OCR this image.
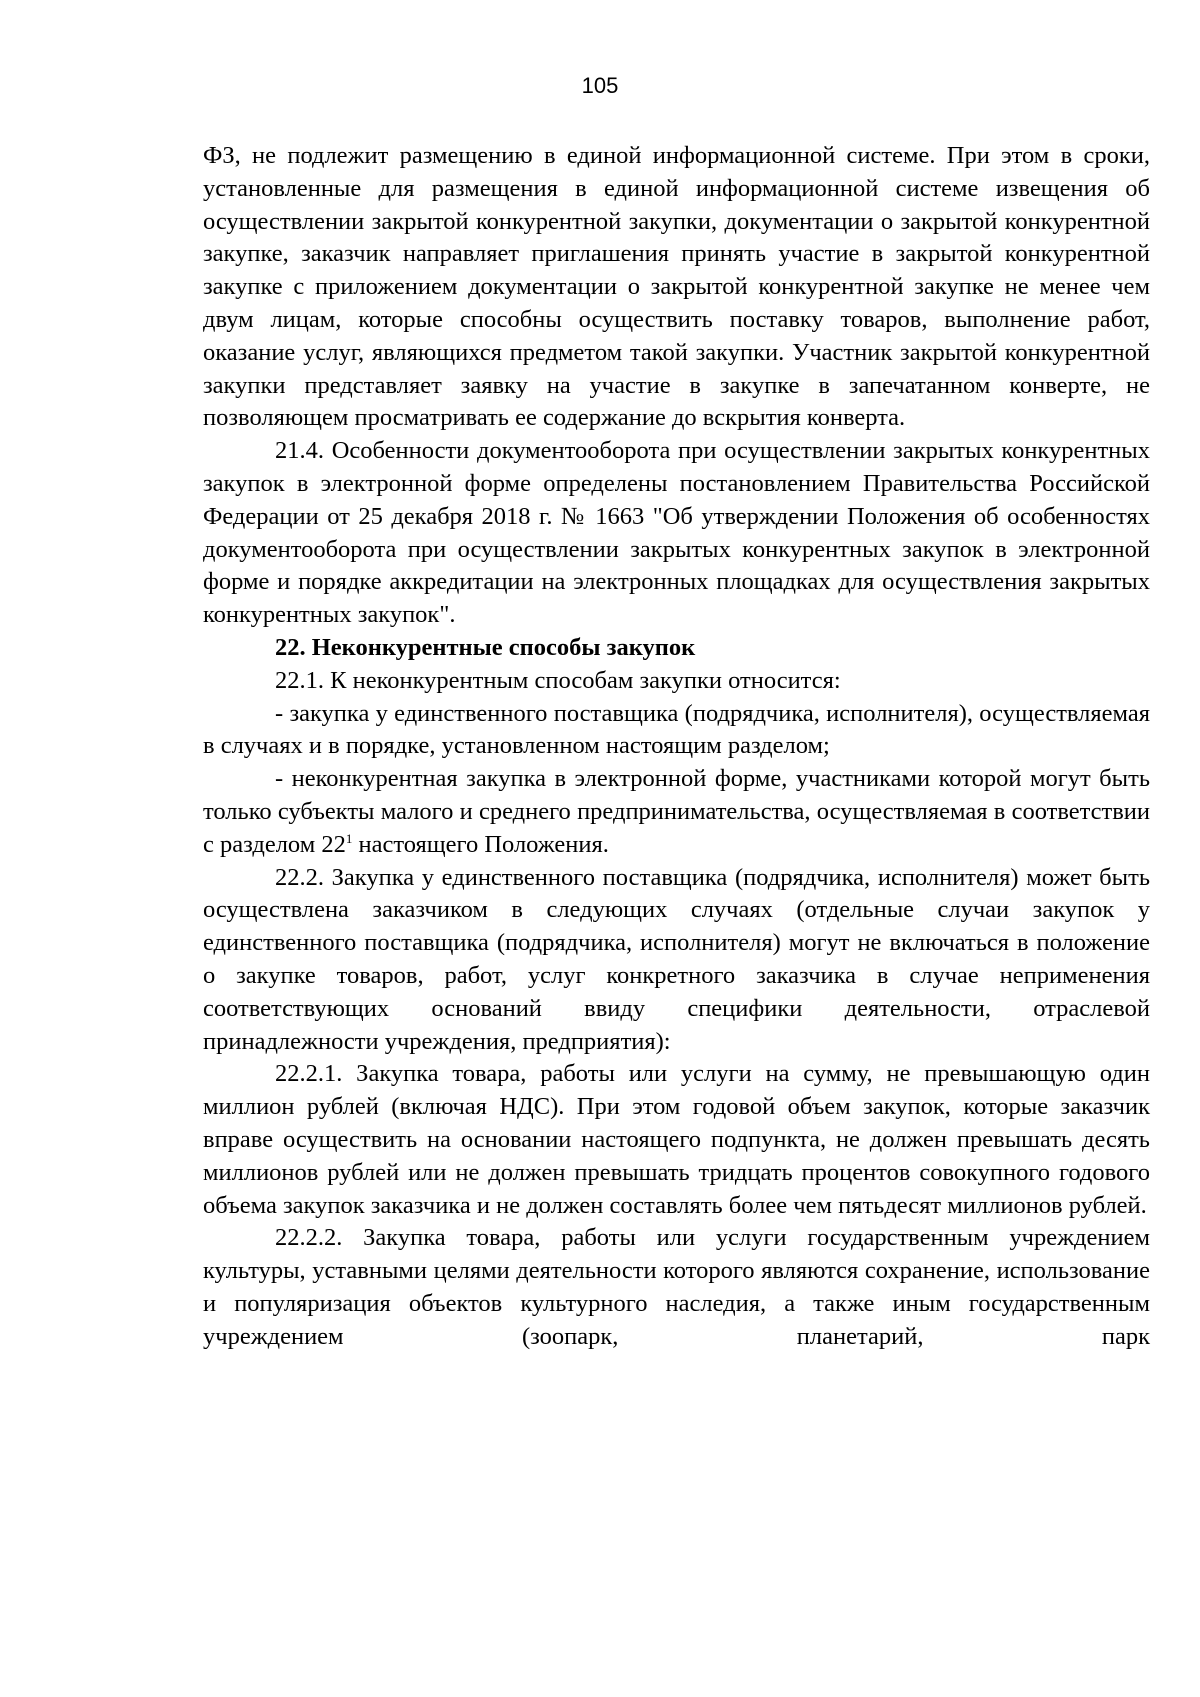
105

ФЗ, не подлежит размещению в единой информационной системе. При этом в сроки, установленные для размещения в единой информационной системе извещения об осуществлении закрытой конкурентной закупки, документации о закрытой конкурентной закупке, заказчик направляет приглашения принять участие в закрытой конкурентной закупке с приложением документации о закрытой конкурентной закупке не менее чем двум лицам, которые способны осуществить поставку товаров, выполнение работ, оказание услуг, являющихся предметом такой закупки. Участник закрытой конкурентной закупки представляет заявку на участие в закупке в запечатанном конверте, не позволяющем просматривать ее содержание до вскрытия конверта.

21.4. Особенности документооборота при осуществлении закрытых конкурентных закупок в электронной форме определены постановлением Правительства Российской Федерации от 25 декабря 2018 г. № 1663 "Об утверждении Положения об особенностях документооборота при осуществлении закрытых конкурентных закупок в электронной форме и порядке аккредитации на электронных площадках для осуществления закрытых конкурентных закупок".

22. Неконкурентные способы закупок

22.1. К неконкурентным способам закупки относится:

- закупка у единственного поставщика (подрядчика, исполнителя), осуществляемая в случаях и в порядке, установленном настоящим разделом;

- неконкурентная закупка в электронной форме, участниками которой могут быть только субъекты малого и среднего предпринимательства, осуществляемая в соответствии с разделом $22^1$ настоящего Положения.

22.2. Закупка у единственного поставщика (подрядчика, исполнителя) может быть осуществлена заказчиком в следующих случаях (отдельные случаи закупок у единственного поставщика (подрядчика, исполнителя) могут не включаться в положение о закупке товаров, работ, услуг конкретного заказчика в случае неприменения соответствующих оснований ввиду специфики деятельности, отраслевой принадлежности учреждения, предприятия):

22.2.1. Закупка товара, работы или услуги на сумму, не превышающую один миллион рублей (включая НДС). При этом годовой объем закупок, которые заказчик вправе осуществить на основании настоящего подпункта, не должен превышать десять миллионов рублей или не должен превышать тридцать процентов совокупного годового объема закупок заказчика и не должен составлять более чем пятьдесят миллионов рублей.

22.2.2. Закупка товара, работы или услуги государственным учреждением культуры, уставными целями деятельности которого являются сохранение, использование и популяризация объектов культурного наследия, а также иным государственным учреждением (зоопарк, планетарий, парк
